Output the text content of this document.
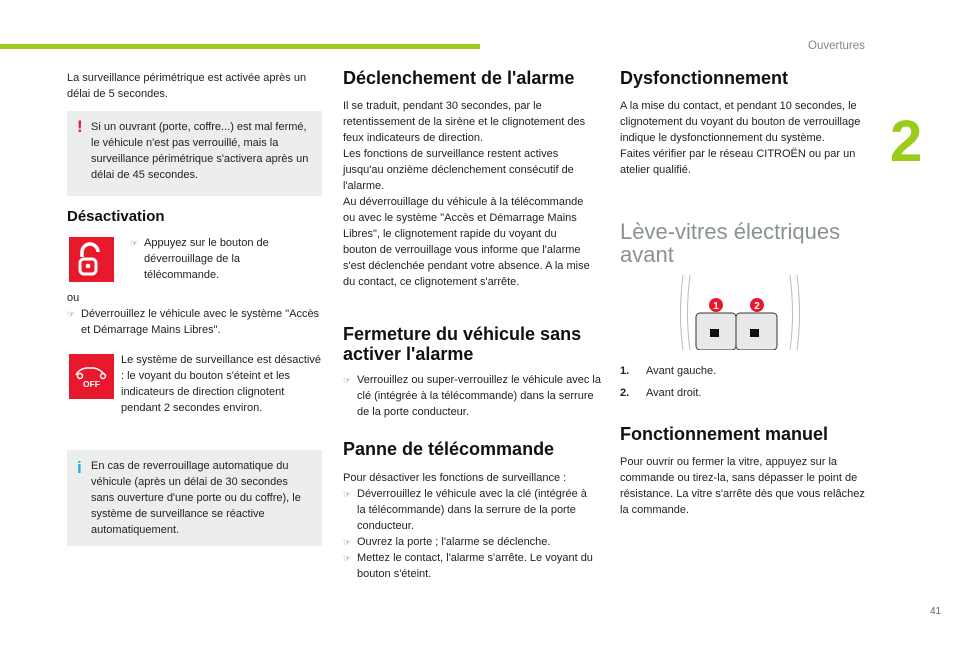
Ouvertures
2
41

La surveillance périmétrique est activée après un délai de 5 secondes.

! Si un ouvrant (porte, coffre...) est mal fermé, le véhicule n'est pas verrouillé, mais la surveillance périmétrique s'activera après un délai de 45 secondes.

Désactivation

☞ Appuyez sur le bouton de déverrouillage de la télécommande.

ou

☞ Déverrouillez le véhicule avec le système "Accès et Démarrage Mains Libres".

OFF

Le système de surveillance est désactivé : le voyant du bouton s'éteint et les indicateurs de direction clignotent pendant 2 secondes environ.

i En cas de reverrouillage automatique du véhicule (après un délai de 30 secondes sans ouverture d'une porte ou du coffre), le système de surveillance se réactive automatiquement.

Déclenchement de l'alarme

Il se traduit, pendant 30 secondes, par le retentissement de la sirène et le clignotement des feux indicateurs de direction.

Les fonctions de surveillance restent actives jusqu'au onzième déclenchement consécutif de l'alarme.

Au déverrouillage du véhicule à la télécommande ou avec le système "Accès et Démarrage Mains Libres", le clignotement rapide du voyant du bouton de verrouillage vous informe que l'alarme s'est déclenchée pendant votre absence. A la mise du contact, ce clignotement s'arrête.

Fermeture du véhicule sans activer l'alarme

☞ Verrouillez ou super-verrouillez le véhicule avec la clé (intégrée à la télécommande) dans la serrure de la porte conducteur.

Panne de télécommande

Pour désactiver les fonctions de surveillance :

☞ Déverrouillez le véhicule avec la clé (intégrée à la télécommande) dans la serrure de la porte conducteur.

☞ Ouvrez la porte ; l'alarme se déclenche.

☞ Mettez le contact, l'alarme s'arrête. Le voyant du bouton s'éteint.

Dysfonctionnement

A la mise du contact, et pendant 10 secondes, le clignotement du voyant du bouton de verrouillage indique le dysfonctionnement du système.

Faites vérifier par le réseau CITROËN ou par un atelier qualifié.

Lève-vitres électriques avant
1	2

1. Avant gauche.

2. Avant droit.

Fonctionnement manuel

Pour ouvrir ou fermer la vitre, appuyez sur la commande ou tirez-la, sans dépasser le point de résistance. La vitre s'arrête dès que vous relâchez la commande.
